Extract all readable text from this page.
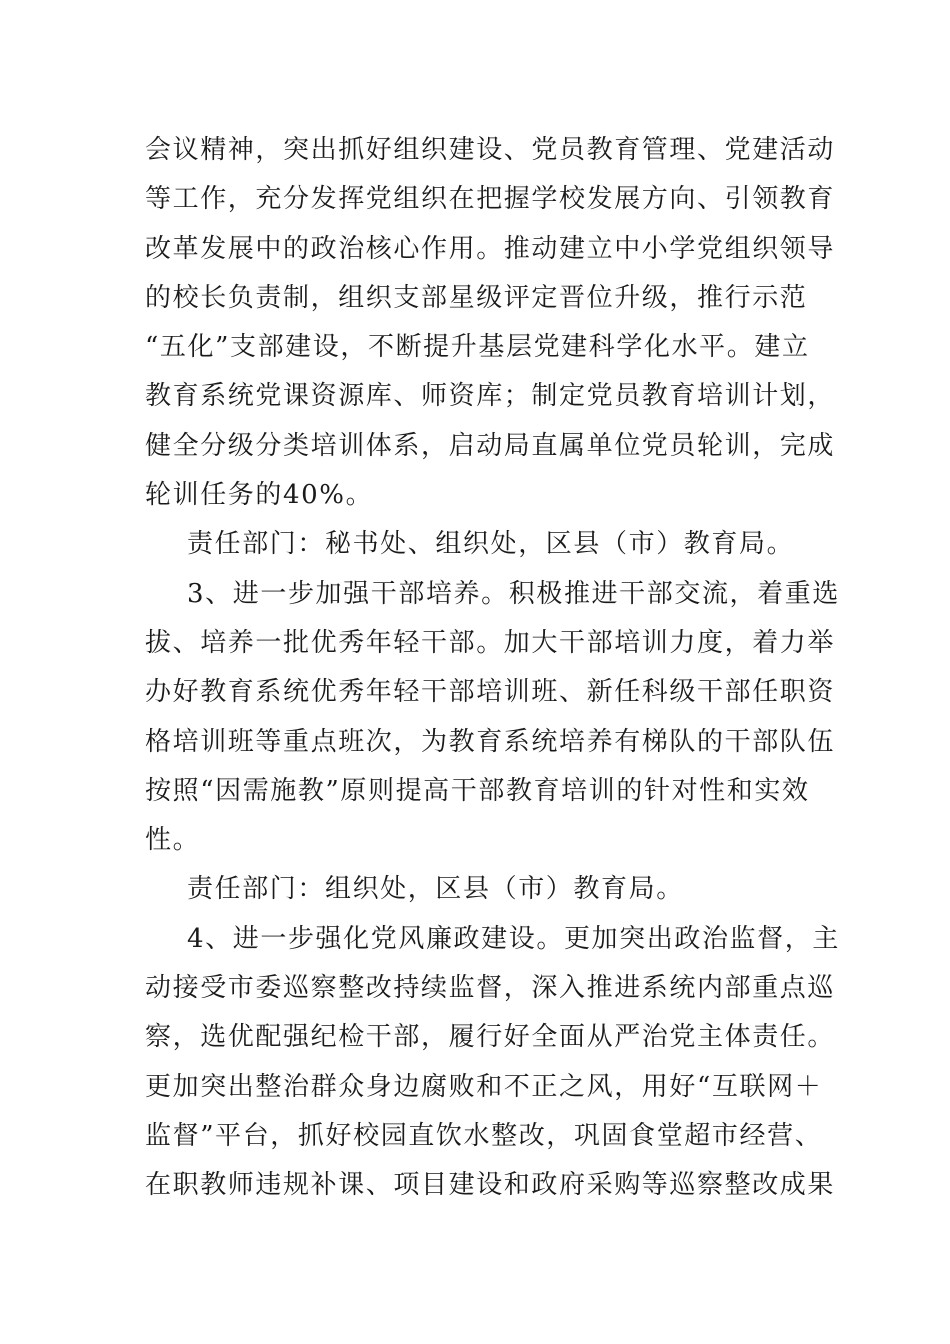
会议精神，突出抓好组织建设、党员教育管理、党建活动
等工作，充分发挥党组织在把握学校发展方向、引领教育
改革发展中的政治核心作用。推动建立中小学党组织领导
的校长负责制，组织支部星级评定晋位升级，推行示范
“五化”支部建设，不断提升基层党建科学化水平。建立
教育系统党课资源库、师资库；制定党员教育培训计划，
健全分级分类培训体系，启动局直属单位党员轮训，完成
轮训任务的40%。
责任部门：秘书处、组织处，区县（市）教育局。
3、进一步加强干部培养。积极推进干部交流，着重选
拔、培养一批优秀年轻干部。加大干部培训力度，着力举
办好教育系统优秀年轻干部培训班、新任科级干部任职资
格培训班等重点班次，为教育系统培养有梯队的干部队伍
按照“因需施教”原则提高干部教育培训的针对性和实效
性。
责任部门：组织处，区县（市）教育局。
4、进一步强化党风廉政建设。更加突出政治监督，主
动接受市委巡察整改持续监督，深入推进系统内部重点巡
察，选优配强纪检干部，履行好全面从严治党主体责任。
更加突出整治群众身边腐败和不正之风，用好“互联网＋
监督”平台，抓好校园直饮水整改，巩固食堂超市经营、
在职教师违规补课、项目建设和政府采购等巡察整改成果
